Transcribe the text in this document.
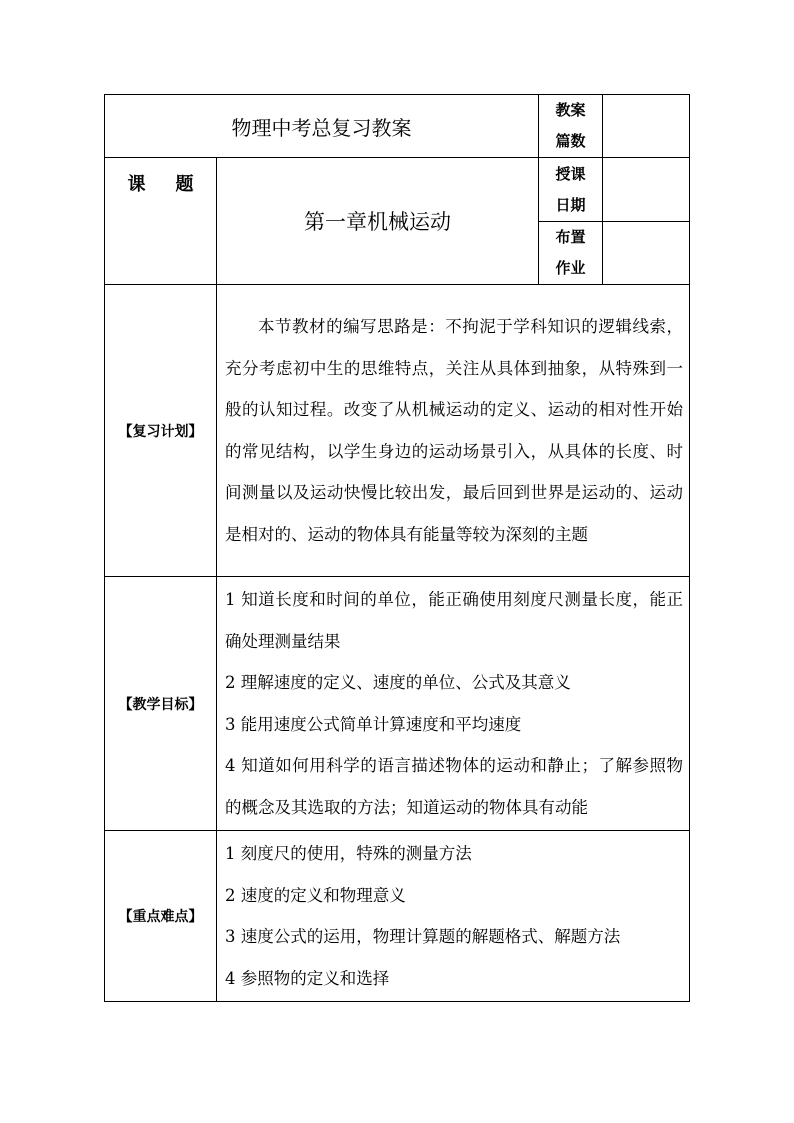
物理中考总复习教案		教案
篇数	

课 题	第一章机械运动	授课
日期	

		布置
作业	

【复习计划】	本节教材的编写思路是：不拘泥于学科知识的逻辑线索，充分考虑初中生的思维特点，关注从具体到抽象，从特殊到一般的认知过程。改变了从机械运动的定义、运动的相对性开始的常见结构，以学生身边的运动场景引入，从具体的长度、时间测量以及运动快慢比较出发，最后回到世界是运动的、运动是相对的、运动的物体具有能量等较为深刻的主题		

【教学目标】	1 知道长度和时间的单位，能正确使用刻度尺测量长度，能正确处理测量结果

2 理解速度的定义、速度的单位、公式及其意义

3 能用速度公式简单计算速度和平均速度

4 知道如何用科学的语言描述物体的运动和静止；了解参照物的概念及其选取的方法；知道运动的物体具有动能		

【重点难点】	1 刻度尺的使用，特殊的测量方法

2 速度的定义和物理意义

3 速度公式的运用，物理计算题的解题格式、解题方法

4 参照物的定义和选择		
